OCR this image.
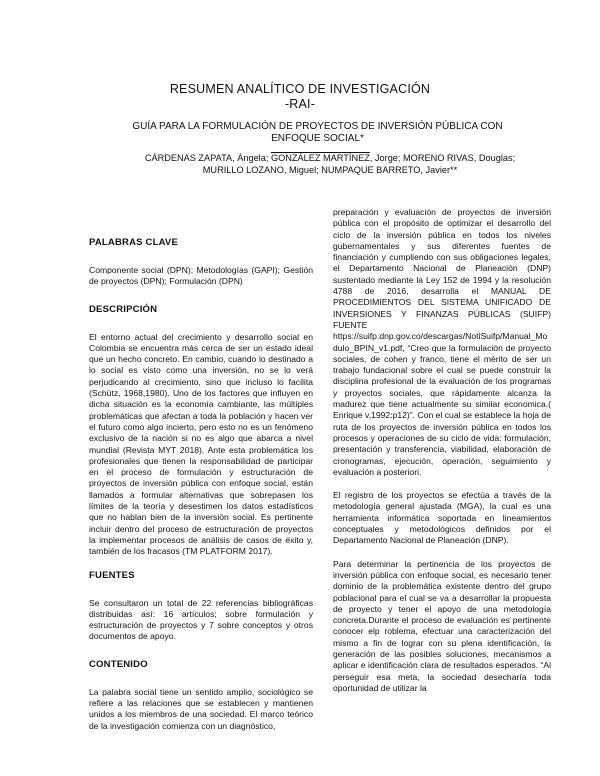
RESUMEN ANALÍTICO DE INVESTIGACIÓN
-RAI-
GUÍA PARA LA FORMULACIÓN DE PROYECTOS DE INVERSIÓN PÚBLICA CON
ENFOQUE SOCIAL*
CÁRDENAS ZAPATA, Ángela; GONZÁLEZ MARTÍNEZ, Jorge; MORENO RIVAS, Douglas;
MURILLO LOZANO, Miguel; NUMPAQUE BARRETO, Javier**
PALABRAS CLAVE

Componente social (DPN); Metodologías (GAPI); Gestión de proyectos (DPN); Formulación (DPN)

DESCRIPCIÓN

El entorno actual del crecimiento y desarrollo social en Colombia se encuentra más cerca de ser un estado ideal que un hecho concreto. En cambio, cuando lo destinado a lo social es visto como una inversión, no se lo verá perjudicando al crecimiento, sino que incluso lo facilita (Schütz, 1968,1980). Uno de los factores que influyen en dicha situación es la economía cambiante, las múltiples problemáticas que afectan a toda la población y hacen ver el futuro como algo incierto, pero esto no es un fenómeno exclusivo de la nación si no es algo que abarca a nivel mundial (Revista MYT 2018). Ante esta problemática los profesionales que tienen la responsabilidad de participar en el proceso de formulación y estructuración de proyectos de inversión pública con enfoque social, están llamados a formular alternativas que sobrepasen los límites de la teoría y desestimen los datos estadísticos que no hablan bien de la inversión social. Es pertinente incluir dentro del proceso de estructuración de proyectos la implementar procesos de análisis de casos de éxito y, también de los fracasos (TM PLATFORM 2017).

FUENTES

Se consultaron un total de 22 referencias bibliográficas distribuidas así: 16 artículos; sobre formulación y estructuración de proyectos y 7 sobre conceptos y otros documentos de apoyo.

CONTENIDO

La palabra social tiene un sentido amplio, sociológico se refiere a las relaciones que se establecen y mantienen unidos a los miembros de una sociedad. El marco teórico de la investigación comienza con un diagnóstico,

preparación y evaluación de proyectos de inversión pública con el propósito de optimizar el desarrollo del ciclo de la inversión pública en todos los niveles gubernamentales y sus diferentes fuentes de financiación y cumpliendo con sus obligaciones legales, el Departamento Nacional de Planeación (DNP) sustentado mediante la Ley 152 de 1994 y la resolución 4788 de 2016, desarrolla el MANUAL DE PROCEDIMIENTOS DEL SISTEMA UNIFICADO DE INVERSIONES Y FINANZAS PÚBLICAS (SUIFP) FUENTE https://suifp.dnp.gov.co/descargas/NotiSuifp/Manual_Modulo_BPIN_v1.pdf, “Creo que la formulación de proyecto sociales, de cohen y franco, tiene el mérito de ser un trabajo fundacional sobre el cual se puede construir la disciplina profesional de la evaluación de los programas y proyectos sociales, que rápidamente alcanza la madurez que tiene actualmente su similar economica.( Enrique v,1992:p12)”. Con el cual se establece la hoja de ruta de los proyectos de inversión pública en todos los procesos y operaciones de su ciclo de vida: formulación, presentación y transferencia, viabilidad, elaboración de cronogramas, ejecución, operación, seguimiento y evaluación a posteriori.

El registro de los proyectos se efectúa a través de la metodología general ajustada (MGA), la cual es una herramienta informática soportada en lineamientos conceptuales y metodológicos definidos por el Departamento Nacional de Planeación (DNP).

Para determinar la pertinencia de los proyectos de inversión pública con enfoque social, es necesario tener dominio de la problemática existente dentro del grupo poblacional para el cual se va a desarrollar la propuesta de proyecto y tener el apoyo de una metodología concreta.Durante el proceso de evaluación es pertinente conocer elp roblema, efectuar una caracterización del mismo a fin de lograr con su plena identificación, la generación de las posibles soluciones, mecanismos a aplicar e identificación clara de resultados esperados. “Al perseguir esa meta, la sociedad desecharía toda oportunidad de utilizar la
